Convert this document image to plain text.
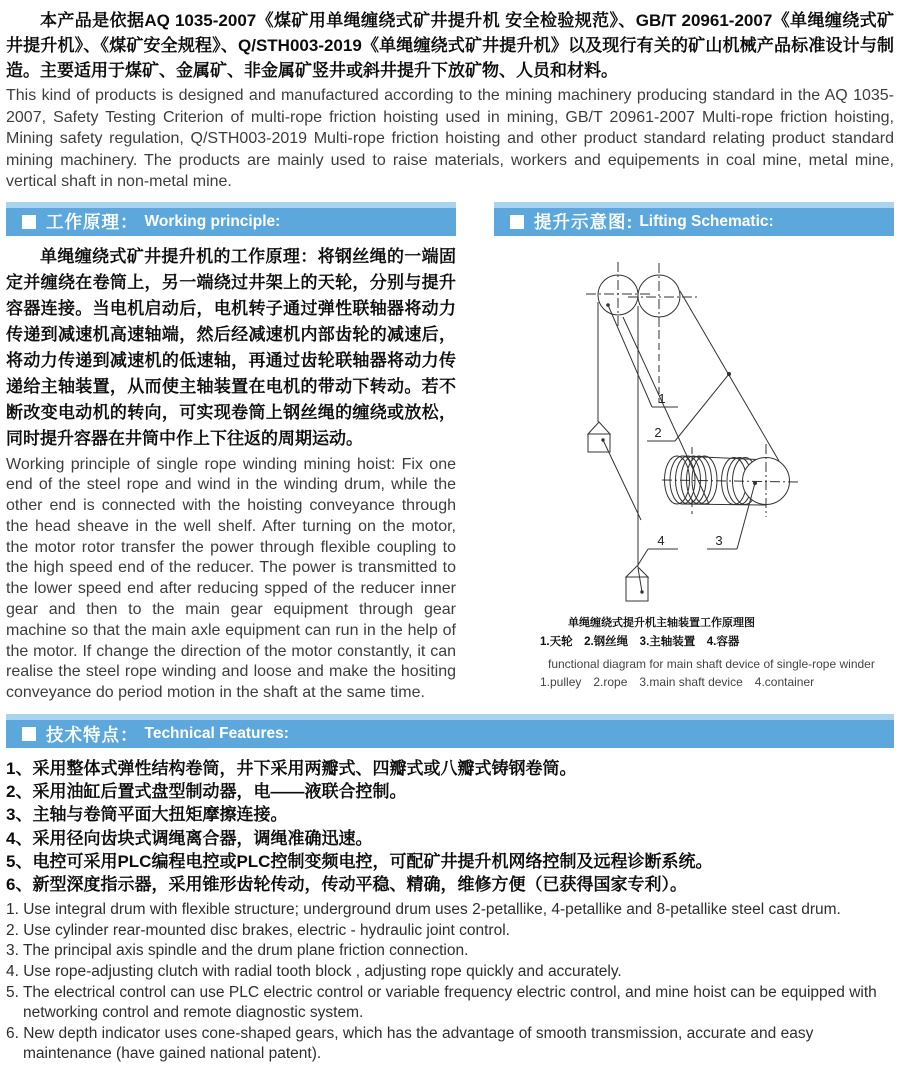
本产品是依据AQ 1035-2007《煤矿用单绳缠绕式矿井提升机 安全检验规范》、GB/T 20961-2007《单绳缠绕式矿井提升机》、《煤矿安全规程》、Q/STH003-2019《单绳缠绕式矿井提升机》以及现行有关的矿山机械产品标准设计与制造。主要适用于煤矿、金属矿、非金属矿竖井或斜井提升下放矿物、人员和材料。

This kind of products is designed and manufactured according to the mining machinery producing standard in the AQ 1035-2007, Safety Testing Criterion of multi-rope friction hoisting used in mining, GB/T 20961-2007 Multi-rope friction hoisting, Mining safety regulation, Q/STH003-2019 Multi-rope friction hoisting and other product standard relating product standard mining machinery. The products are mainly used to raise materials, workers and equipements in coal mine, metal mine, vertical shaft in non-metal mine.

工作原理： Working principle:	提升示意图: Lifting Schematic:

单绳缠绕式矿井提升机的工作原理：将钢丝绳的一端固定并缠绕在卷筒上，另一端绕过井架上的天轮，分别与提升容器连接。当电机启动后，电机转子通过弹性联轴器将动力传递到减速机高速轴端，然后经减速机内部齿轮的减速后，将动力传递到减速机的低速轴，再通过齿轮联轴器将动力传递给主轴装置，从而使主轴装置在电机的带动下转动。若不断改变电动机的转向，可实现卷筒上钢丝绳的缠绕或放松，同时提升容器在井筒中作上下往返的周期运动。

Working principle of single rope winding mining hoist: Fix one end of the steel rope and wind in the winding drum, while the other end is connected with the hoisting conveyance through the head sheave in the well shelf. After turning on the motor, the motor rotor transfer the power through flexible coupling to the high speed end of the reducer. The power is transmitted to the lower speed end after reducing spped of the reducer inner gear and then to the main gear equipment through gear machine so that the main axle equipment can run in the help of the motor. If change the direction of the motor constantly, it can realise the steel rope winding and loose and make the hositing conveyance do period motion in the shaft at the same time.

1
2
3
4
单绳缠绕式提升机主轴装置工作原理图
1.天轮　2.钢丝绳　3.主轴装置　4.容器
functional diagram for main shaft device of single-rope winder
1.pulley　2.rope　3.main shaft device　4.container
技术特点： Technical Features:
1、采用整体式弹性结构卷筒，井下采用两瓣式、四瓣式或八瓣式铸钢卷筒。
2、采用油缸后置式盘型制动器，电——液联合控制。
3、主轴与卷筒平面大扭矩摩擦连接。
4、采用径向齿块式调绳离合器，调绳准确迅速。
5、电控可采用PLC编程电控或PLC控制变频电控，可配矿井提升机网络控制及远程诊断系统。
6、新型深度指示器，采用锥形齿轮传动，传动平稳、精确，维修方便（已获得国家专利）。
1. Use integral drum with flexible structure; underground drum uses 2-petallike, 4-petallike and 8-petallike steel cast drum.
2. Use cylinder rear-mounted disc brakes, electric - hydraulic joint control.
3. The principal axis spindle and the drum plane friction connection.
4. Use rope-adjusting clutch with radial tooth block , adjusting rope quickly and accurately.
5. The electrical control can use PLC electric control or variable frequency electric control, and mine hoist can be equipped with networking control and remote diagnostic system.
6. New depth indicator uses cone-shaped gears, which has the advantage of smooth transmission, accurate and easy maintenance (have gained national patent).
